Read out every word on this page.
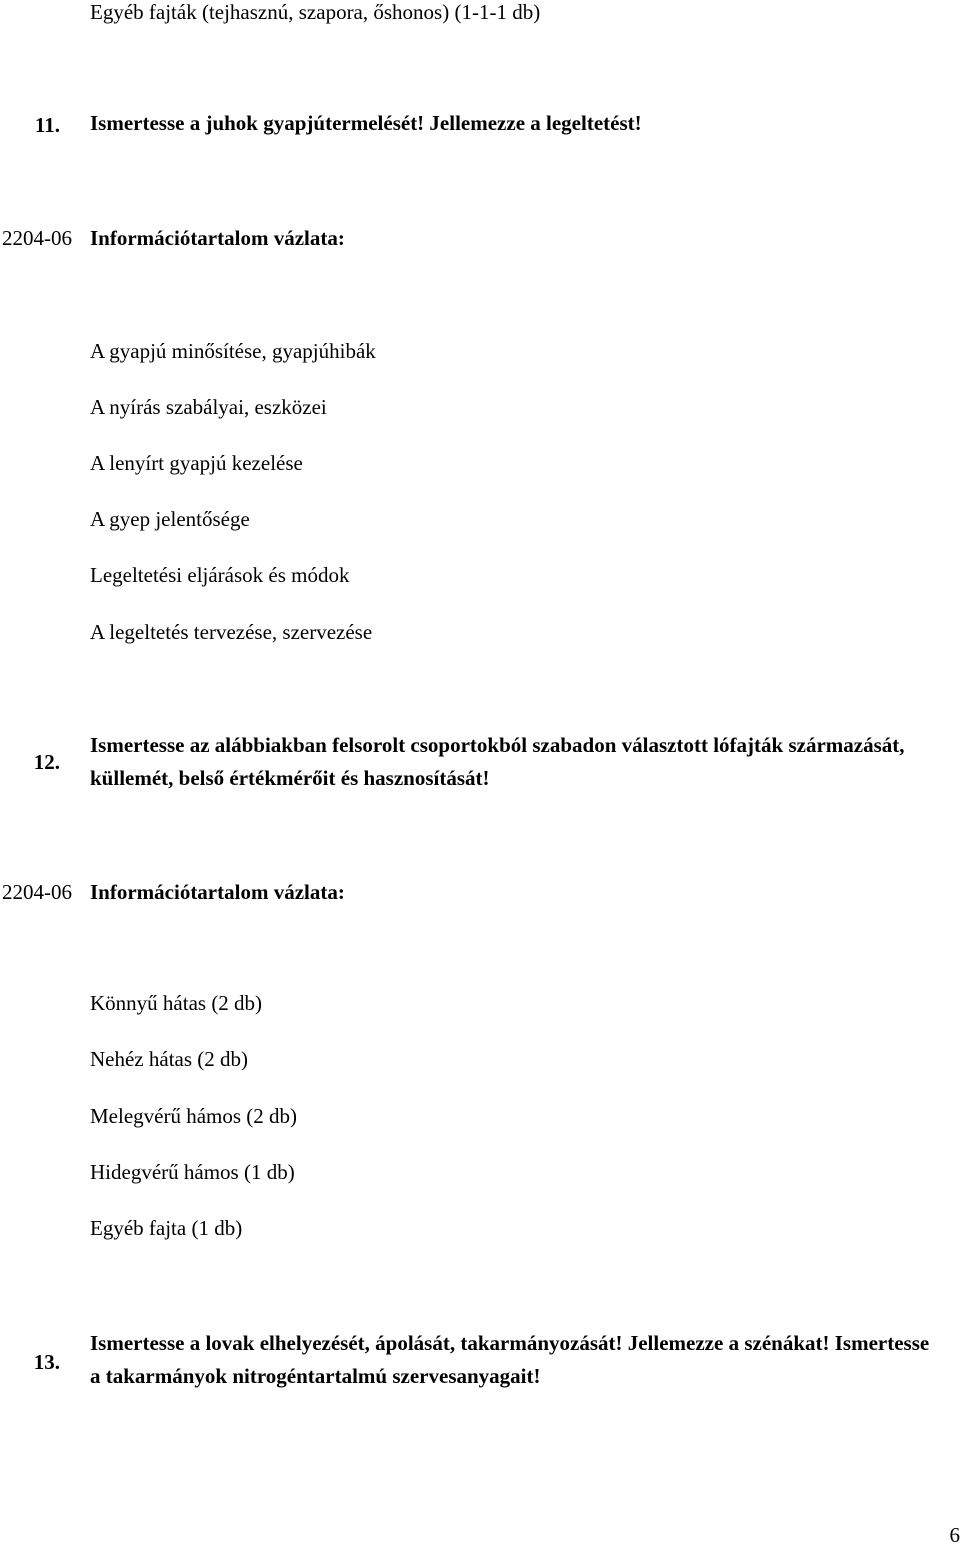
Egyéb fajták (tejhasznú, szapora, őshonos) (1-1-1 db)
11. Ismertesse a juhok gyapjútermelését! Jellemezze a legeltetést!
2204-06 Információtartalom vázlata:
A gyapjú minősítése, gyapjúhibák
A nyírás szabályai, eszközei
A lenyírt gyapjú kezelése
A gyep jelentősége
Legeltetési eljárások és módok
A legeltetés tervezése, szervezése
12.
Ismertesse az alábbiakban felsorolt csoportokból szabadon választott lófajták származását, küllemét, belső értékmérőit és hasznosítását!
2204-06 Információtartalom vázlata:
Könnyű hátas (2 db)
Nehéz hátas (2 db)
Melegvérű hámos (2 db)
Hidegvérű hámos (1 db)
Egyéb fajta (1 db)
13.
Ismertesse a lovak elhelyezését, ápolását, takarmányozását! Jellemezze a szénákat! Ismertesse a takarmányok nitrogéntartalmú szervesanyagait!
6
